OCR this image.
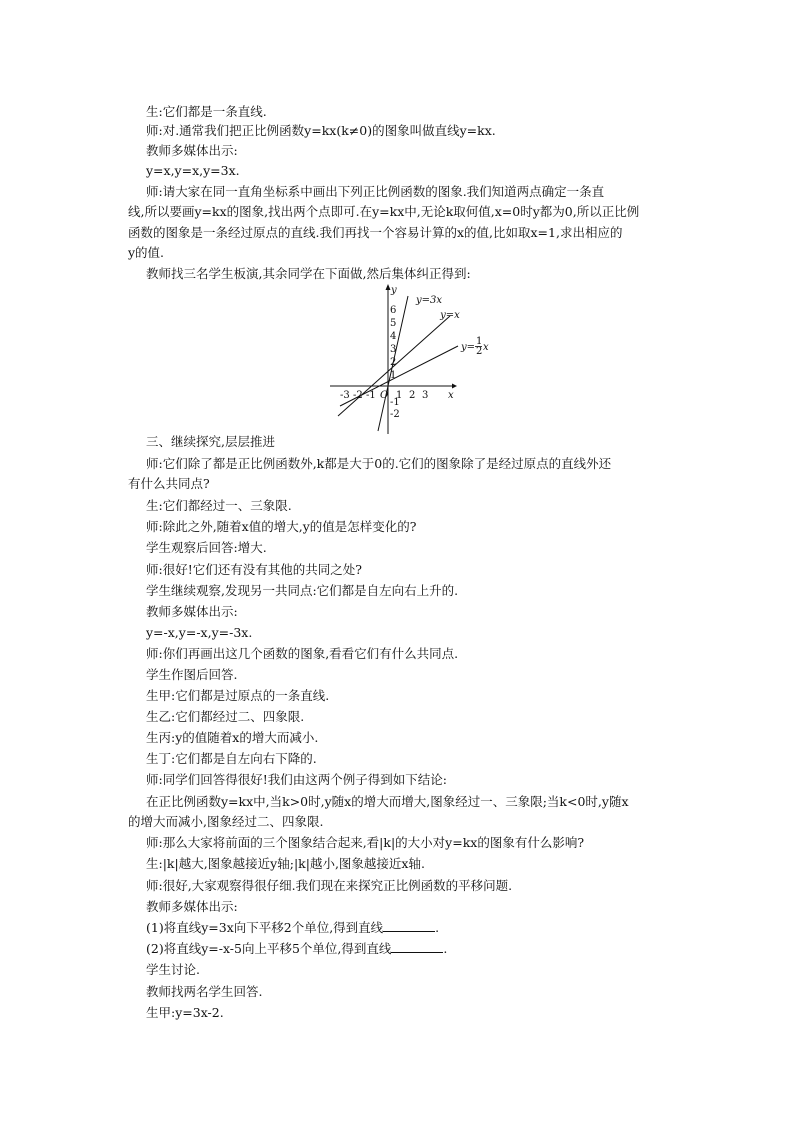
生:它们都是一条直线.
师:对.通常我们把正比例函数y=kx(k≠0)的图象叫做直线y=kx.
教师多媒体出示:
y=x,y=x,y=3x.
师:请大家在同一直角坐标系中画出下列正比例函数的图象.我们知道两点确定一条直
线,所以要画y=kx的图象,找出两个点即可.在y=kx中,无论k取何值,x=0时y都为0,所以正比例
函数的图象是一条经过原点的直线.我们再找一个容易计算的x的值,比如取x=1,求出相应的
y的值.
教师找三名学生板演,其余同学在下面做,然后集体纠正得到:
x
y
O
-3 -2 -1 1 2 3
6
5
4
3
2
1
-1
-2
y=3x
y=x
y=
1
2 x
三、继续探究,层层推进
师:它们除了都是正比例函数外,k都是大于0的.它们的图象除了是经过原点的直线外还
有什么共同点?
生:它们都经过一、三象限.
师:除此之外,随着x值的增大,y的值是怎样变化的?
学生观察后回答:增大.
师:很好!它们还有没有其他的共同之处?
学生继续观察,发现另一共同点:它们都是自左向右上升的.
教师多媒体出示:
y=-x,y=-x,y=-3x.
师:你们再画出这几个函数的图象,看看它们有什么共同点.
学生作图后回答.
生甲:它们都是过原点的一条直线.
生乙:它们都经过二、四象限.
生丙:y的值随着x的增大而减小.
生丁:它们都是自左向右下降的.
师:同学们回答得很好!我们由这两个例子得到如下结论:
在正比例函数y=kx中,当k>0时,y随x的增大而增大,图象经过一、三象限;当k<0时,y随x
的增大而减小,图象经过二、四象限.
师:那么大家将前面的三个图象结合起来,看|k|的大小对y=kx的图象有什么影响?
生:|k|越大,图象越接近y轴;|k|越小,图象越接近x轴.
师:很好,大家观察得很仔细.我们现在来探究正比例函数的平移问题.
教师多媒体出示:
(1)将直线y=3x向下平移2个单位,得到直线	.
(2)将直线y=-x-5向上平移5个单位,得到直线	.
学生讨论.
教师找两名学生回答.
生甲:y=3x-2.
